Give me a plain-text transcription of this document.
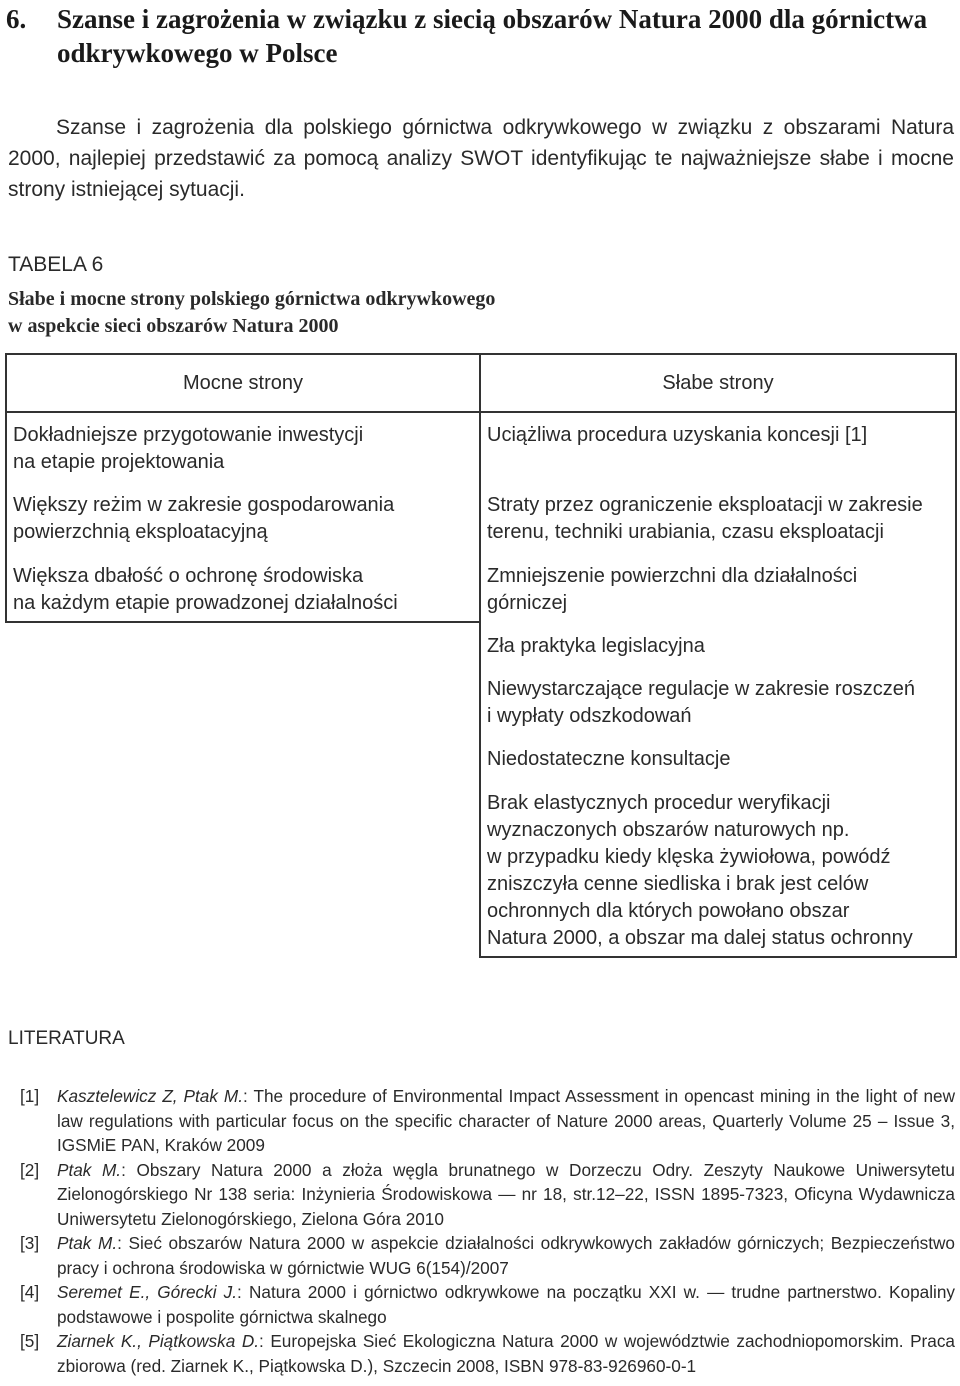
6. Szanse i zagrożenia w związku z siecią obszarów Natura 2000 dla górnictwa odkrywkowego w Polsce

Szanse i zagrożenia dla polskiego górnictwa odkrywkowego w związku z obszarami Natura 2000, najlepiej przedstawić za pomocą analizy SWOT identyfikując te najważniejsze słabe i mocne strony istniejącej sytuacji.

TABELA 6
Słabe i mocne strony polskiego górnictwa odkrywkowego
w aspekcie sieci obszarów Natura 2000
Mocne strony	Słabe strony
Dokładniejsze przygotowanie inwestycji
na etapie projektowania
Większy reżim w zakresie gospodarowania
powierzchnią eksploatacyjną
Większa dbałość o ochronę środowiska
na każdym etapie prowadzonej działalności
Uciążliwa procedura uzyskania koncesji [1]
Straty przez ograniczenie eksploatacji w zakresie
terenu, techniki urabiania, czasu eksploatacji
Zmniejszenie powierzchni dla działalności
górniczej
Zła praktyka legislacyjna
Niewystarczające regulacje w zakresie roszczeń
i wypłaty odszkodowań
Niedostateczne konsultacje
Brak elastycznych procedur weryfikacji
wyznaczonych obszarów naturowych np.
w przypadku kiedy klęska żywiołowa, powódź
zniszczyła cenne siedliska i brak jest celów
ochronnych dla których powołano obszar
Natura 2000, a obszar ma dalej status ochronny
LITERATURA
[1] Kasztelewicz Z, Ptak M.: The procedure of Environmental Impact Assessment in opencast mining in the light of new law regulations with particular focus on the specific character of Nature 2000 areas, Quarterly Volume 25 – Issue 3, IGSMiE PAN, Kraków 2009
[2] Ptak M.: Obszary Natura 2000 a złoża węgla brunatnego w Dorzeczu Odry. Zeszyty Naukowe Uniwersytetu Zielonogórskiego Nr 138 seria: Inżynieria Środowiskowa — nr 18, str.12–22, ISSN 1895-7323, Oficyna Wydawnicza Uniwersytetu Zielonogórskiego, Zielona Góra 2010
[3] Ptak M.: Sieć obszarów Natura 2000 w aspekcie działalności odkrywkowych zakładów górniczych; Bezpieczeństwo pracy i ochrona środowiska w górnictwie WUG 6(154)/2007
[4] Seremet E., Górecki J.: Natura 2000 i górnictwo odkrywkowe na początku XXI w. — trudne partnerstwo. Kopaliny podstawowe i pospolite górnictwa skalnego
[5] Ziarnek K., Piątkowska D.: Europejska Sieć Ekologiczna Natura 2000 w województwie zachodniopomorskim. Praca zbiorowa (red. Ziarnek K., Piątkowska D.), Szczecin 2008, ISBN 978-83-926960-0-1
